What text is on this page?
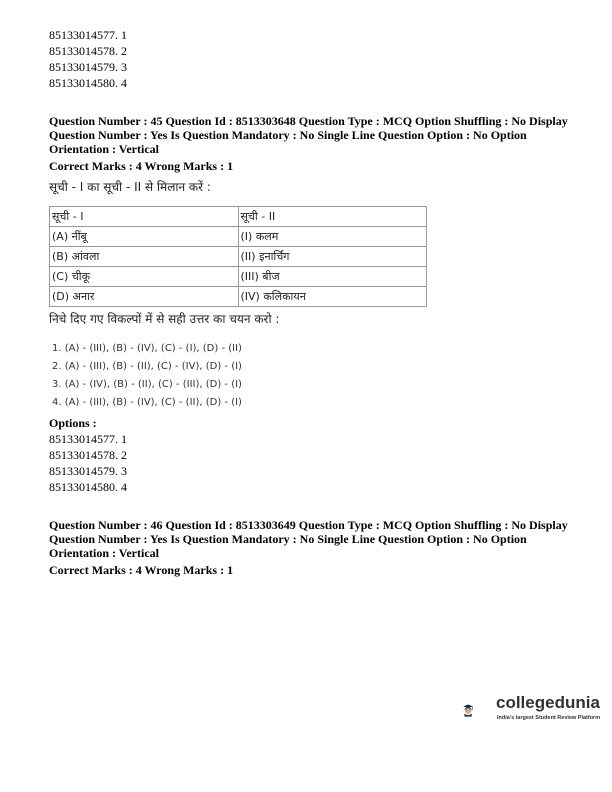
85133014577. 1
85133014578. 2
85133014579. 3
85133014580. 4
Question Number : 45 Question Id : 8513303648 Question Type : MCQ Option Shuffling : No Display
Question Number : Yes Is Question Mandatory : No Single Line Question Option : No Option
Orientation : Vertical
Correct Marks : 4 Wrong Marks : 1
सूची - I का सूची - II से मिलान करें :
सूची - I	सूची - II
(A) नींबू	(I) कलम
(B) आंवला	(II) इनार्चिंग
(C) चीकू	(III) बीज
(D) अनार	(IV) कलिकायन
निचे दिए गए विकल्पों में से सही उत्तर का चयन करो :
1. (A) - (III), (B) - (IV), (C) - (I), (D) - (II)
2. (A) - (III), (B) - (II), (C) - (IV), (D) - (I)
3. (A) - (IV), (B) - (II), (C) - (III), (D) - (I)
4. (A) - (III), (B) - (IV), (C) - (II), (D) - (I)
Options :
85133014577. 1
85133014578. 2
85133014579. 3
85133014580. 4
Question Number : 46 Question Id : 8513303649 Question Type : MCQ Option Shuffling : No Display
Question Number : Yes Is Question Mandatory : No Single Line Question Option : No Option
Orientation : Vertical
Correct Marks : 4 Wrong Marks : 1
collegedunia
India's largest Student Review Platform
